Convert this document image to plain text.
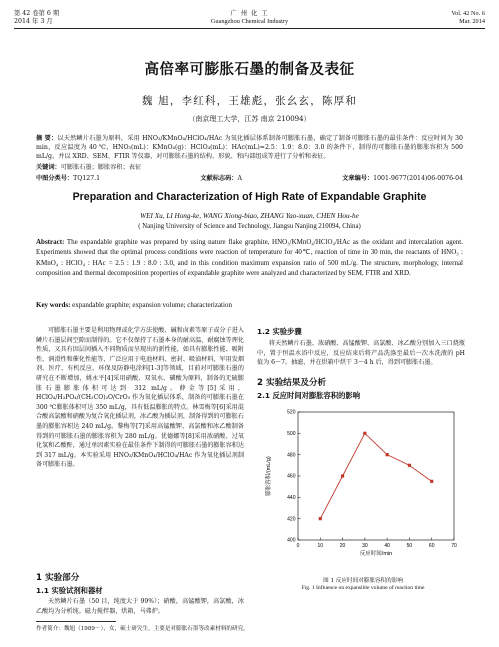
第 42 卷第 6 期
2014 年 3 月
广 州 化 工
Guangzhou Chemical Industry
Vol. 42 No. 6
Mar. 2014
高倍率可膨胀石墨的制备及表征
魏 旭，李红科，王雄彪，张幺玄，陈厚和
（南京理工大学，江苏 南京 210094）
摘 要：以天然鳞片石墨为原料，采用 HNO₃/KMnO₄/HClO₄/HAc 为氧化插层体系制备可膨胀石墨，确定了制备可膨胀石墨的最佳条件：反应时间为 30 min，反应温度为 40 ℃，HNO₃(mL)：KMnO₄(g)：HClO₄(mL)：HAc(mL)=2.5：1.9：8.0：3.0 的条件下，制得的可膨胀石墨的膨胀容积为 500 mL/g。并以 XRD、SEM、FTIR 等仪器，对可膨胀石墨的结构、形貌、和内部组成等进行了分析和表征。
关键词：可膨胀石墨；膨胀容积；表征
中图分类号：TQ127.1	文献标志码：A	文章编号：1001-9677(2014)06-0076-04
Preparation and Characterization of High Rate of Expandable Graphite
WEI Xu, LI Hong-ke, WANG Xiong-biao, ZHANG Yao-xuan, CHEN Hou-he
( Nanjing University of Science and Technology, Jiangsu Nanjing 210094, China)
Abstract: The expandable graphite was prepared by using nature flake graphite, HNO₃/KMnO₄/HClO₄/HAc as the oxidant and intercalation agent. Experiments showed that the optimal process conditions were reaction of temperature for 40℃, reaction of time in 30 min, the reactants of HNO₃ : KMnO₄ : HClO₄ : HAc = 2.5 : 1.9 : 8.0 : 3.0, and in this condition maximum expansion ratio of 500 mL/g. The structure, morphology, internal composition and thermal decomposition properties of expandable graphite were analyzed and characterized by SEM, FTIR and XRD.
Key words: expandable graphite; expansion volume; characterization
可膨胀石墨主要是利用物理或化学方法使酸、碱和卤素等原子或分子进入鳞片石墨层间空隙而制得的。它不仅保持了石墨本身的耐高温、耐腐蚀等理化性质，又具有因层间插入不同物质而呈现出的新性能，如具有膨胀性能、吸附性、润滑性和催化性能等，广泛应用于电池材料、密封、吸油材料、军用发烟剂、医疗、有机反应、环保及防静电涂料[1-3]等领域，目前对可膨胀石墨的研究在不断增加，姚永平[4]采用硝酸、双氧水、磷酸为原料，制备的无硫膨胀石墨膨胀体积可达到 312 mL/g。薛金等[5]采用，HClO₄/H₃PO₄/(CH₃CO)₂O/CrO₃ 作为氧化插层体系，制备的可膨胀石墨在 300 ℃膨胀体积可达 350 mL/g，具有低温膨胀的特点。林雪梅等[6]采用混合酸高氯酸和硝酸为复合氧化插层剂，冰乙酸为插层剂，制备得到的可膨胀石墨的膨胀容积达 240 mL/g。黎梅等[7]采用高锰酸钾、高氯酸和冰乙酸制备得到的可膨胀石墨的膨胀容积为 280 mL/g。优德娜等[8]采用浓硝酸、过氧化氢和乙酸酐，通过单因素实验在最佳条件下制得的可膨胀石墨的膨胀容积达到 317 mL/g。本实验采用 HNO₃/KMnO₄/HClO₄/HAc 作为氧化插层剂制备可膨胀石墨。
1 实验部分
1.1 实验试剂和器材
天然鳞片石墨（50 目，纯度大于 99%）；硝酸，高锰酸钾，高氯酸，冰乙酸均为分析纯。磁力搅拌器，烘箱，马弗炉。
1.2 实验步骤
将天然鳞片石墨、浓硝酸、高锰酸钾、高氯酸、冰乙酸分别加入三口烧瓶中，置于恒温水浴中反应，反应结束后将产品洗涤至最后一次水洗液的 pH 值为 6～7。抽滤，并在烘箱中烘干 3～4 h 后，得到可膨胀石墨。
2 实验结果及分析
2.1 反应时间对膨胀容积的影响
0	10	20	30	40	50	60	70
400
420
440
460
480
500
520
反应时间/min
膨胀容积/(mL/g)
图 1 反应时间对膨胀容积的影响
Fig. 1 Influence on expansible volume of reaction time
作者简介：魏旭（1989－），女，硕士研究生，主要是对膨胀石墨等改素材料的研究。
